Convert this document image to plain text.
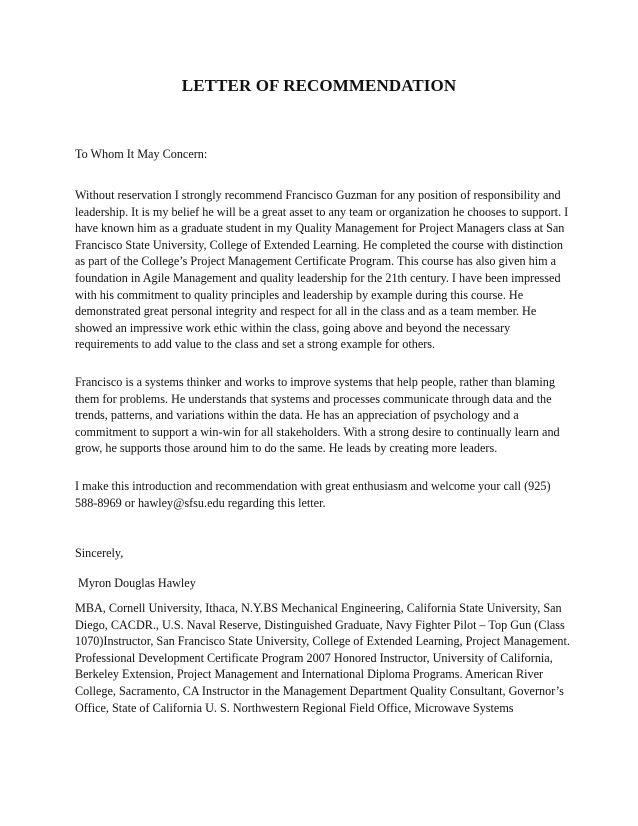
LETTER OF RECOMMENDATION

To Whom It May Concern:

Without reservation I strongly recommend Francisco Guzman for any position of responsibility and leadership. It is my belief he will be a great asset to any team or organization he chooses to support. I have known him as a graduate student in my Quality Management for Project Managers class at San Francisco State University, College of Extended Learning. He completed the course with distinction as part of the College’s Project Management Certificate Program. This course has also given him a foundation in Agile Management and quality leadership for the 21th century. I have been impressed with his commitment to quality principles and leadership by example during this course. He demonstrated great personal integrity and respect for all in the class and as a team member. He showed an impressive work ethic within the class, going above and beyond the necessary requirements to add value to the class and set a strong example for others.

Francisco is a systems thinker and works to improve systems that help people, rather than blaming them for problems. He understands that systems and processes communicate through data and the trends, patterns, and variations within the data. He has an appreciation of psychology and a commitment to support a win-win for all stakeholders. With a strong desire to continually learn and grow, he supports those around him to do the same. He leads by creating more leaders.

I make this introduction and recommendation with great enthusiasm and welcome your call (925) 588-8969 or hawley@sfsu.edu regarding this letter.

Sincerely,

Myron Douglas Hawley

MBA, Cornell University, Ithaca, N.Y.BS Mechanical Engineering, California State University, San Diego, CACDR., U.S. Naval Reserve, Distinguished Graduate, Navy Fighter Pilot – Top Gun (Class 1070)Instructor, San Francisco State University, College of Extended Learning, Project Management. Professional Development Certificate Program 2007 Honored Instructor, University of California, Berkeley Extension, Project Management and International Diploma Programs. American River College, Sacramento, CA Instructor in the Management Department Quality Consultant, Governor’s Office, State of California U. S. Northwestern Regional Field Office, Microwave Systems
